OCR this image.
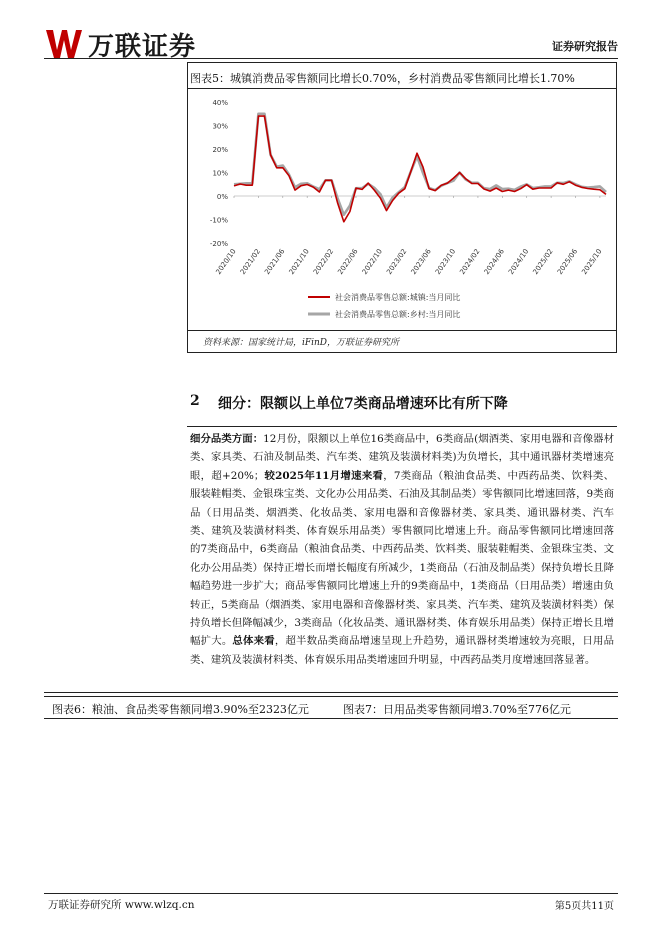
万联证券	证券研究报告
图表5：城镇消费品零售额同比增长0.70%，乡村消费品零售额同比增长1.70%
40%
30%
20%
10%
0%
-10%
-20%
2020/10 2021/02 2021/06 2021/10 2022/02 2022/06 2022/10 2023/02 2023/06 2023/10 2024/02 2024/06 2024/10 2025/02 2025/06 2025/10
社会消费品零售总额:城镇:当月同比
社会消费品零售总额:乡村:当月同比
资料来源：国家统计局，iFinD，万联证券研究所
2	细分：限额以上单位7类商品增速环比有所下降
细分品类方面：12月份，限额以上单位16类商品中，6类商品(烟酒类、家用电器和音像器材类、家具类、石油及制品类、汽车类、建筑及装潢材料类)为负增长，其中通讯器材类增速亮眼，超+20%；较2025年11月增速来看，7类商品（粮油食品类、中西药品类、饮料类、服装鞋帽类、金银珠宝类、文化办公用品类、石油及其制品类）零售额同比增速回落，9类商品（日用品类、烟酒类、化妆品类、家用电器和音像器材类、家具类、通讯器材类、汽车类、建筑及装潢材料类、体育娱乐用品类）零售额同比增速上升。商品零售额同比增速回落的7类商品中，6类商品（粮油食品类、中西药品类、饮料类、服装鞋帽类、金银珠宝类、文化办公用品类）保持正增长而增长幅度有所减少，1类商品（石油及制品类）保持负增长且降幅趋势进一步扩大；商品零售额同比增速上升的9类商品中，1类商品（日用品类）增速由负转正，5类商品（烟酒类、家用电器和音像器材类、家具类、汽车类、建筑及装潢材料类）保持负增长但降幅减少，3类商品（化妆品类、通讯器材类、体育娱乐用品类）保持正增长且增幅扩大。总体来看，超半数品类商品增速呈现上升趋势，通讯器材类增速较为亮眼，日用品类、建筑及装潢材料类、体育娱乐用品类增速回升明显，中西药品类月度增速回落显著。
图表6：粮油、食品类零售额同增3.90%至2323亿元	图表7：日用品类零售额同增3.70%至776亿元
万联证券研究所 www.wlzq.cn	第5页共11页
